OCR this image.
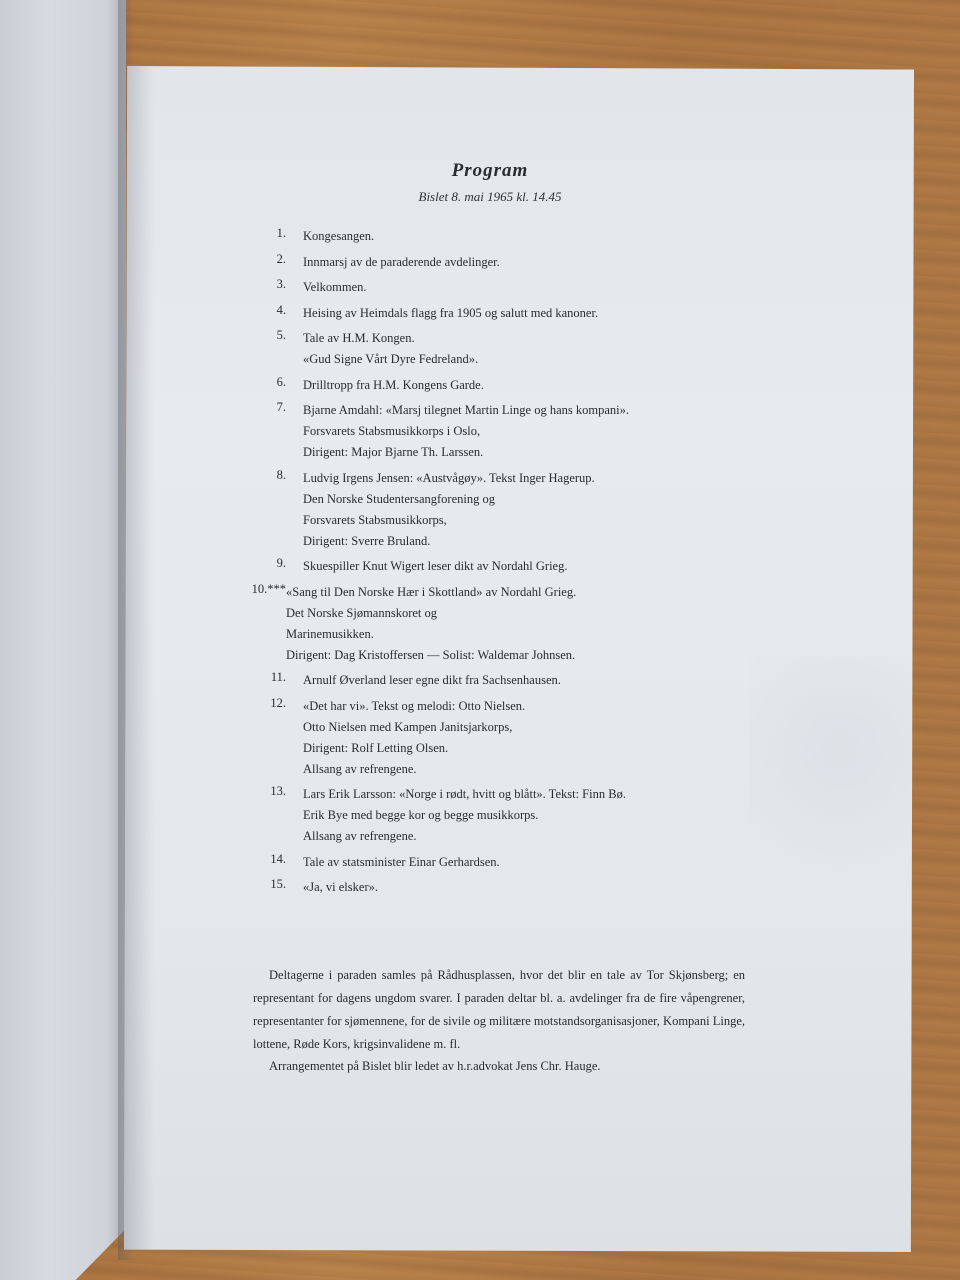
Program
Bislet 8. mai 1965 kl. 14.45
1. Kongesangen.
2. Innmarsj av de paraderende avdelinger.
3. Velkommen.
4. Heising av Heimdals flagg fra 1905 og salutt med kanoner.
5. Tale av H.M. Kongen.
«Gud Signe Vårt Dyre Fedreland».
6. Drilltropp fra H.M. Kongens Garde.
7. Bjarne Amdahl: «Marsj tilegnet Martin Linge og hans kompani».
Forsvarets Stabsmusikkorps i Oslo,
Dirigent: Major Bjarne Th. Larssen.
8. Ludvig Irgens Jensen: «Austvågøy». Tekst Inger Hagerup.
Den Norske Studentersangforening og
Forsvarets Stabsmusikkorps,
Dirigent: Sverre Bruland.
9. Skuespiller Knut Wigert leser dikt av Nordahl Grieg.
10.*** «Sang til Den Norske Hær i Skottland» av Nordahl Grieg.
Det Norske Sjømannskoret og
Marinemusikken.
Dirigent: Dag Kristoffersen — Solist: Waldemar Johnsen.
11. Arnulf Øverland leser egne dikt fra Sachsenhausen.
12. «Det har vi». Tekst og melodi: Otto Nielsen.
Otto Nielsen med Kampen Janitsjarkorps,
Dirigent: Rolf Letting Olsen.
Allsang av refrengene.
13. Lars Erik Larsson: «Norge i rødt, hvitt og blått». Tekst: Finn Bø.
Erik Bye med begge kor og begge musikkorps.
Allsang av refrengene.
14. Tale av statsminister Einar Gerhardsen.
15. «Ja, vi elsker».

Deltagerne i paraden samles på Rådhusplassen, hvor det blir en tale av Tor Skjønsberg; en representant for dagens ungdom svarer. I paraden deltar bl. a. avdelinger fra de fire våpengrener, representanter for sjømennene, for de sivile og militære motstandsorganisasjoner, Kompani Linge, lottene, Røde Kors, krigsinvalidene m. fl.

Arrangementet på Bislet blir ledet av h.r.advokat Jens Chr. Hauge.
